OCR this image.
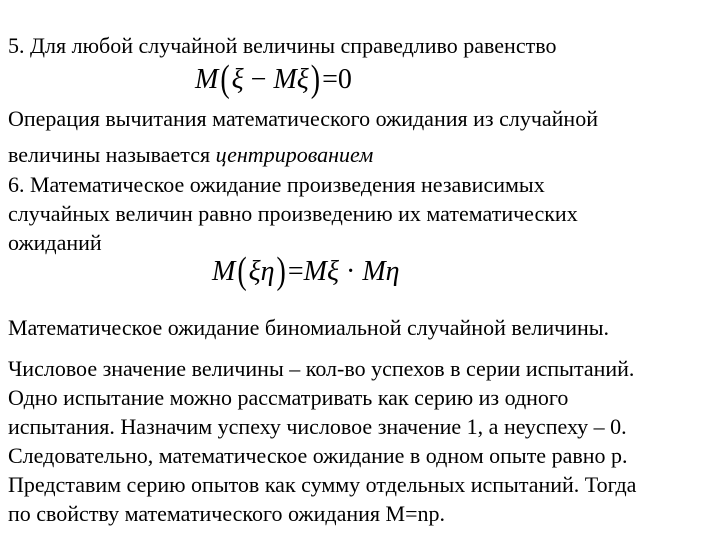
5. Для любой случайной величины справедливо равенство
M(ξ − Mξ)=0
Операция вычитания математического ожидания из случайной
величины называется центрированием
6. Математическое ожидание произведения независимых
случайных величин равно произведению их математических
ожиданий
M(ξη)=Mξ · Mη
Математическое ожидание биномиальной случайной величины.
Числовое значение величины – кол-во успехов в серии испытаний.
Одно испытание можно рассматривать как серию из одного
испытания. Назначим успеху числовое значение 1, а неуспеху – 0.
Следовательно, математическое ожидание в одном опыте равно p.
Представим серию опытов как сумму отдельных испытаний. Тогда
по свойству математического ожидания M=np.
